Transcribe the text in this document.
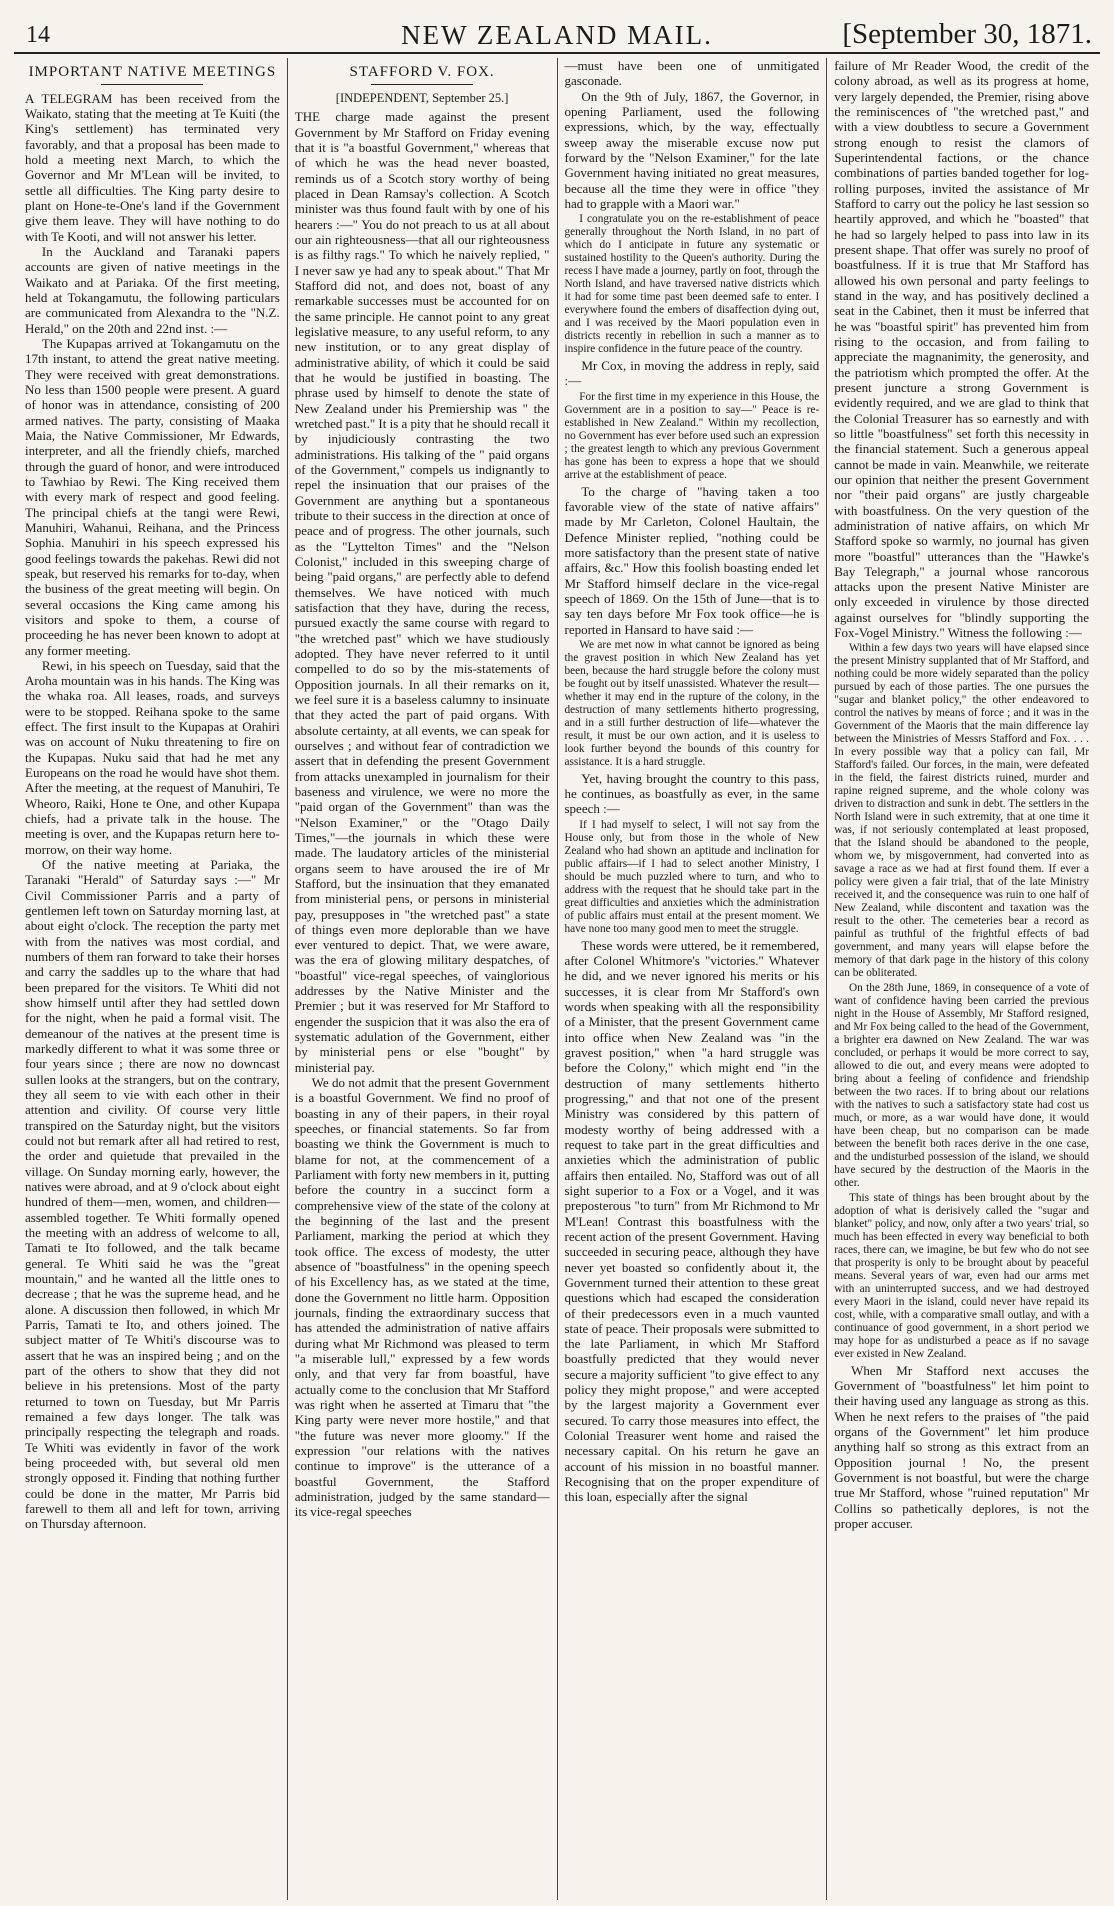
14	NEW ZEALAND MAIL.	[September 30, 1871.
IMPORTANT NATIVE MEETINGS

A TELEGRAM has been received from the Waikato, stating that the meeting at Te Kuiti (the King's settlement) has terminated very favorably, and that a proposal has been made to hold a meeting next March, to which the Governor and Mr M'Lean will be invited, to settle all difficulties. The King party desire to plant on Hone-te-One's land if the Government give them leave. They will have nothing to do with Te Kooti, and will not answer his letter.

In the Auckland and Taranaki papers accounts are given of native meetings in the Waikato and at Pariaka. Of the first meeting, held at Tokangamutu, the following particulars are communicated from Alexandra to the "N.Z. Herald," on the 20th and 22nd inst. :—

The Kupapas arrived at Tokangamutu on the 17th instant, to attend the great native meeting. They were received with great demonstrations. No less than 1500 people were present. A guard of honor was in attendance, consisting of 200 armed natives. The party, consisting of Maaka Maia, the Native Commissioner, Mr Edwards, interpreter, and all the friendly chiefs, marched through the guard of honor, and were introduced to Tawhiao by Rewi. The King received them with every mark of respect and good feeling. The principal chiefs at the tangi were Rewi, Manuhiri, Wahanui, Reihana, and the Princess Sophia. Manuhiri in his speech expressed his good feelings towards the pakehas. Rewi did not speak, but reserved his remarks for to-day, when the business of the great meeting will begin. On several occasions the King came among his visitors and spoke to them, a course of proceeding he has never been known to adopt at any former meeting.

Rewi, in his speech on Tuesday, said that the Aroha mountain was in his hands. The King was the whaka roa. All leases, roads, and surveys were to be stopped. Reihana spoke to the same effect. The first insult to the Kupapas at Orahiri was on account of Nuku threatening to fire on the Kupapas. Nuku said that had he met any Europeans on the road he would have shot them. After the meeting, at the request of Manuhiri, Te Wheoro, Raiki, Hone te One, and other Kupapa chiefs, had a private talk in the house. The meeting is over, and the Kupapas return here to-morrow, on their way home.

Of the native meeting at Pariaka, the Taranaki "Herald" of Saturday says :—" Mr Civil Commissioner Parris and a party of gentlemen left town on Saturday morning last, at about eight o'clock. The reception the party met with from the natives was most cordial, and numbers of them ran forward to take their horses and carry the saddles up to the whare that had been prepared for the visitors. Te Whiti did not show himself until after they had settled down for the night, when he paid a formal visit. The demeanour of the natives at the present time is markedly different to what it was some three or four years since ; there are now no downcast sullen looks at the strangers, but on the contrary, they all seem to vie with each other in their attention and civility. Of course very little transpired on the Saturday night, but the visitors could not but remark after all had retired to rest, the order and quietude that prevailed in the village. On Sunday morning early, however, the natives were abroad, and at 9 o'clock about eight hundred of them—men, women, and children—assembled together. Te Whiti formally opened the meeting with an address of welcome to all, Tamati te Ito followed, and the talk became general. Te Whiti said he was the "great mountain," and he wanted all the little ones to decrease ; that he was the supreme head, and he alone. A discussion then followed, in which Mr Parris, Tamati te Ito, and others joined. The subject matter of Te Whiti's discourse was to assert that he was an inspired being ; and on the part of the others to show that they did not believe in his pretensions. Most of the party returned to town on Tuesday, but Mr Parris remained a few days longer. The talk was principally respecting the telegraph and roads. Te Whiti was evidently in favor of the work being proceeded with, but several old men strongly opposed it. Finding that nothing further could be done in the matter, Mr Parris bid farewell to them all and left for town, arriving on Thursday afternoon.

STAFFORD V. FOX.
[INDEPENDENT, September 25.]

THE charge made against the present Government by Mr Stafford on Friday evening that it is "a boastful Government," whereas that of which he was the head never boasted, reminds us of a Scotch story worthy of being placed in Dean Ramsay's collection. A Scotch minister was thus found fault with by one of his hearers :—" You do not preach to us at all about our ain righteousness—that all our righteousness is as filthy rags." To which he naively replied, " I never saw ye had any to speak about." That Mr Stafford did not, and does not, boast of any remarkable successes must be accounted for on the same principle. He cannot point to any great legislative measure, to any useful reform, to any new institution, or to any great display of administrative ability, of which it could be said that he would be justified in boasting. The phrase used by himself to denote the state of New Zealand under his Premiership was " the wretched past." It is a pity that he should recall it by injudiciously contrasting the two administrations. His talking of the " paid organs of the Government," compels us indignantly to repel the insinuation that our praises of the Government are anything but a spontaneous tribute to their success in the direction at once of peace and of progress. The other journals, such as the "Lyttelton Times" and the "Nelson Colonist," included in this sweeping charge of being "paid organs," are perfectly able to defend themselves. We have noticed with much satisfaction that they have, during the recess, pursued exactly the same course with regard to "the wretched past" which we have studiously adopted. They have never referred to it until compelled to do so by the mis-statements of Opposition journals. In all their remarks on it, we feel sure it is a baseless calumny to insinuate that they acted the part of paid organs. With absolute certainty, at all events, we can speak for ourselves ; and without fear of contradiction we assert that in defending the present Government from attacks unexampled in journalism for their baseness and virulence, we were no more the "paid organ of the Government" than was the "Nelson Examiner," or the "Otago Daily Times,"—the journals in which these were made. The laudatory articles of the ministerial organs seem to have aroused the ire of Mr Stafford, but the insinuation that they emanated from ministerial pens, or persons in ministerial pay, presupposes in "the wretched past" a state of things even more deplorable than we have ever ventured to depict. That, we were aware, was the era of glowing military despatches, of "boastful" vice-regal speeches, of vainglorious addresses by the Native Minister and the Premier ; but it was reserved for Mr Stafford to engender the suspicion that it was also the era of systematic adulation of the Government, either by ministerial pens or else "bought" by ministerial pay.

We do not admit that the present Government is a boastful Government. We find no proof of boasting in any of their papers, in their royal speeches, or financial statements. So far from boasting we think the Government is much to blame for not, at the commencement of a Parliament with forty new members in it, putting before the country in a succinct form a comprehensive view of the state of the colony at the beginning of the last and the present Parliament, marking the period at which they took office. The excess of modesty, the utter absence of "boastfulness" in the opening speech of his Excellency has, as we stated at the time, done the Government no little harm. Opposition journals, finding the extraordinary success that has attended the administration of native affairs during what Mr Richmond was pleased to term "a miserable lull," expressed by a few words only, and that very far from boastful, have actually come to the conclusion that Mr Stafford was right when he asserted at Timaru that "the King party were never more hostile," and that "the future was never more gloomy." If the expression "our relations with the natives continue to improve" is the utterance of a boastful Government, the Stafford administration, judged by the same standard—its vice-regal speeches

—must have been one of unmitigated gasconade.

On the 9th of July, 1867, the Governor, in opening Parliament, used the following expressions, which, by the way, effectually sweep away the miserable excuse now put forward by the "Nelson Examiner," for the late Government having initiated no great measures, because all the time they were in office "they had to grapple with a Maori war."

I congratulate you on the re-establishment of peace generally throughout the North Island, in no part of which do I anticipate in future any systematic or sustained hostility to the Queen's authority. During the recess I have made a journey, partly on foot, through the North Island, and have traversed native districts which it had for some time past been deemed safe to enter. I everywhere found the embers of disaffection dying out, and I was received by the Maori population even in districts recently in rebellion in such a manner as to inspire confidence in the future peace of the country.

Mr Cox, in moving the address in reply, said :—

For the first time in my experience in this House, the Government are in a position to say—" Peace is re-established in New Zealand." Within my recollection, no Government has ever before used such an expression ; the greatest length to which any previous Government has gone has been to express a hope that we should arrive at the establishment of peace.

To the charge of "having taken a too favorable view of the state of native affairs" made by Mr Carleton, Colonel Haultain, the Defence Minister replied, "nothing could be more satisfactory than the present state of native affairs, &c." How this foolish boasting ended let Mr Stafford himself declare in the vice-regal speech of 1869. On the 15th of June—that is to say ten days before Mr Fox took office—he is reported in Hansard to have said :—

We are met now in what cannot be ignored as being the gravest position in which New Zealand has yet been, because the hard struggle before the colony must be fought out by itself unassisted. Whatever the result—whether it may end in the rupture of the colony, in the destruction of many settlements hitherto progressing, and in a still further destruction of life—whatever the result, it must be our own action, and it is useless to look further beyond the bounds of this country for assistance. It is a hard struggle.

Yet, having brought the country to this pass, he continues, as boastfully as ever, in the same speech :—

If I had myself to select, I will not say from the House only, but from those in the whole of New Zealand who had shown an aptitude and inclination for public affairs—if I had to select another Ministry, I should be much puzzled where to turn, and who to address with the request that he should take part in the great difficulties and anxieties which the administration of public affairs must entail at the present moment. We have none too many good men to meet the struggle.

These words were uttered, be it remembered, after Colonel Whitmore's "victories." Whatever he did, and we never ignored his merits or his successes, it is clear from Mr Stafford's own words when speaking with all the responsibility of a Minister, that the present Government came into office when New Zealand was "in the gravest position," when "a hard struggle was before the Colony," which might end "in the destruction of many settlements hitherto progressing," and that not one of the present Ministry was considered by this pattern of modesty worthy of being addressed with a request to take part in the great difficulties and anxieties which the administration of public affairs then entailed. No, Stafford was out of all sight superior to a Fox or a Vogel, and it was preposterous "to turn" from Mr Richmond to Mr M'Lean! Contrast this boastfulness with the recent action of the present Government. Having succeeded in securing peace, although they have never yet boasted so confidently about it, the Government turned their attention to these great questions which had escaped the consideration of their predecessors even in a much vaunted state of peace. Their proposals were submitted to the late Parliament, in which Mr Stafford boastfully predicted that they would never secure a majority sufficient "to give effect to any policy they might propose," and were accepted by the largest majority a Government ever secured. To carry those measures into effect, the Colonial Treasurer went home and raised the necessary capital. On his return he gave an account of his mission in no boastful manner. Recognising that on the proper expenditure of this loan, especially after the signal

failure of Mr Reader Wood, the credit of the colony abroad, as well as its progress at home, very largely depended, the Premier, rising above the reminiscences of "the wretched past," and with a view doubtless to secure a Government strong enough to resist the clamors of Superintendental factions, or the chance combinations of parties banded together for log-rolling purposes, invited the assistance of Mr Stafford to carry out the policy he last session so heartily approved, and which he "boasted" that he had so largely helped to pass into law in its present shape. That offer was surely no proof of boastfulness. If it is true that Mr Stafford has allowed his own personal and party feelings to stand in the way, and has positively declined a seat in the Cabinet, then it must be inferred that he was "boastful spirit" has prevented him from rising to the occasion, and from failing to appreciate the magnanimity, the generosity, and the patriotism which prompted the offer. At the present juncture a strong Government is evidently required, and we are glad to think that the Colonial Treasurer has so earnestly and with so little "boastfulness" set forth this necessity in the financial statement. Such a generous appeal cannot be made in vain. Meanwhile, we reiterate our opinion that neither the present Government nor "their paid organs" are justly chargeable with boastfulness. On the very question of the administration of native affairs, on which Mr Stafford spoke so warmly, no journal has given more "boastful" utterances than the "Hawke's Bay Telegraph," a journal whose rancorous attacks upon the present Native Minister are only exceeded in virulence by those directed against ourselves for "blindly supporting the Fox-Vogel Ministry." Witness the following :—

Within a few days two years will have elapsed since the present Ministry supplanted that of Mr Stafford, and nothing could be more widely separated than the policy pursued by each of those parties. The one pursues the "sugar and blanket policy," the other endeavored to control the natives by means of force ; and it was in the Government of the Maoris that the main difference lay between the Ministries of Messrs Stafford and Fox. . . . In every possible way that a policy can fail, Mr Stafford's failed. Our forces, in the main, were defeated in the field, the fairest districts ruined, murder and rapine reigned supreme, and the whole colony was driven to distraction and sunk in debt. The settlers in the North Island were in such extremity, that at one time it was, if not seriously contemplated at least proposed, that the Island should be abandoned to the people, whom we, by misgovernment, had converted into as savage a race as we had at first found them. If ever a policy were given a fair trial, that of the late Ministry received it, and the consequence was ruin to one half of New Zealand, while discontent and taxation was the result to the other. The cemeteries bear a record as painful as truthful of the frightful effects of bad government, and many years will elapse before the memory of that dark page in the history of this colony can be obliterated.

On the 28th June, 1869, in consequence of a vote of want of confidence having been carried the previous night in the House of Assembly, Mr Stafford resigned, and Mr Fox being called to the head of the Government, a brighter era dawned on New Zealand. The war was concluded, or perhaps it would be more correct to say, allowed to die out, and every means were adopted to bring about a feeling of confidence and friendship between the two races. If to bring about our relations with the natives to such a satisfactory state had cost us much, or more, as a war would have done, it would have been cheap, but no comparison can be made between the benefit both races derive in the one case, and the undisturbed possession of the island, we should have secured by the destruction of the Maoris in the other.

This state of things has been brought about by the adoption of what is derisively called the "sugar and blanket" policy, and now, only after a two years' trial, so much has been effected in every way beneficial to both races, there can, we imagine, be but few who do not see that prosperity is only to be brought about by peaceful means. Several years of war, even had our arms met with an uninterrupted success, and we had destroyed every Maori in the island, could never have repaid its cost, while, with a comparative small outlay, and with a continuance of good government, in a short period we may hope for as undisturbed a peace as if no savage ever existed in New Zealand.

When Mr Stafford next accuses the Government of "boastfulness" let him point to their having used any language as strong as this. When he next refers to the praises of "the paid organs of the Government" let him produce anything half so strong as this extract from an Opposition journal ! No, the present Government is not boastful, but were the charge true Mr Stafford, whose "ruined reputation" Mr Collins so pathetically deplores, is not the proper accuser.
